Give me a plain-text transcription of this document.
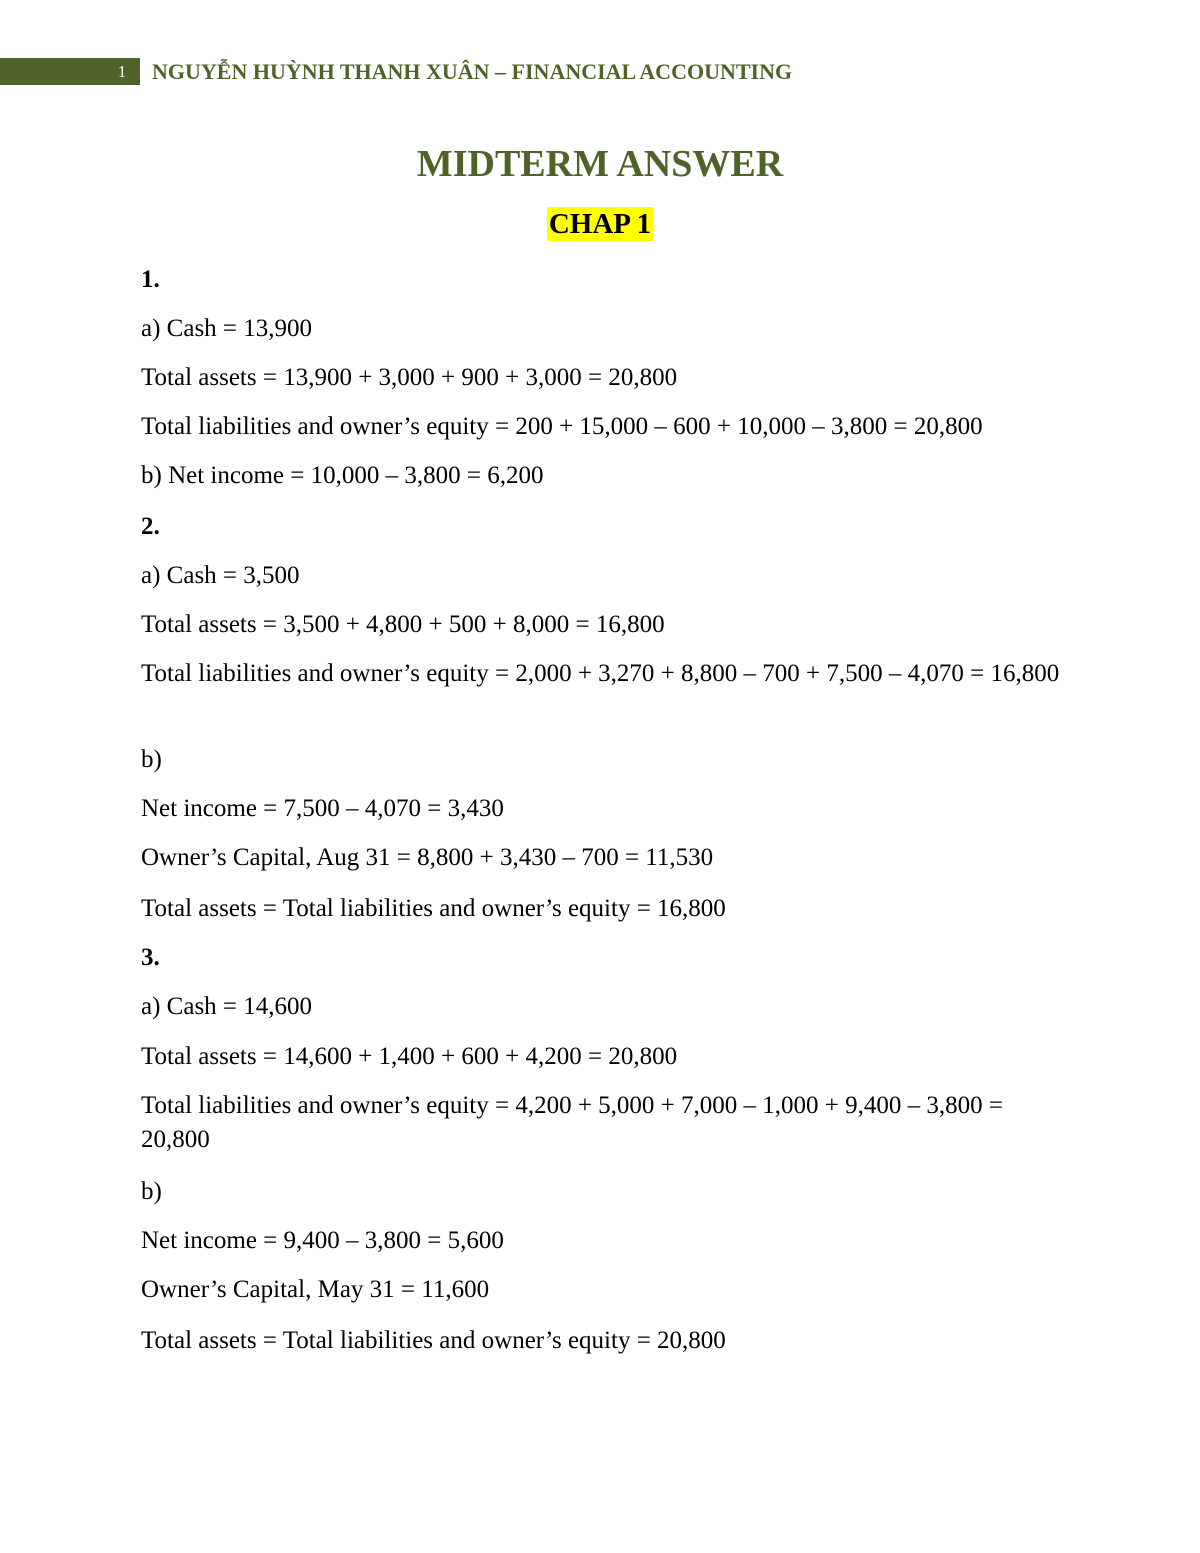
1 NGUYỄN HUỲNH THANH XUÂN – FINANCIAL ACCOUNTING
MIDTERM ANSWER
CHAP 1
1.
a) Cash = 13,900
Total assets = 13,900 + 3,000 + 900 + 3,000 = 20,800
Total liabilities and owner’s equity = 200 + 15,000 – 600 + 10,000 – 3,800 = 20,800
b) Net income = 10,000 – 3,800 = 6,200
2.
a) Cash = 3,500
Total assets = 3,500 + 4,800 + 500 + 8,000 = 16,800
Total liabilities and owner’s equity = 2,000 + 3,270 + 8,800 – 700 + 7,500 – 4,070 = 16,800
b)
Net income = 7,500 – 4,070 = 3,430
Owner’s Capital, Aug 31 = 8,800 + 3,430 – 700 = 11,530
Total assets = Total liabilities and owner’s equity = 16,800
3.
a) Cash = 14,600
Total assets = 14,600 + 1,400 + 600 + 4,200 = 20,800
Total liabilities and owner’s equity = 4,200 + 5,000 + 7,000 – 1,000 + 9,400 – 3,800 = 20,800
b)
Net income = 9,400 – 3,800 = 5,600
Owner’s Capital, May 31 = 11,600
Total assets = Total liabilities and owner’s equity = 20,800
